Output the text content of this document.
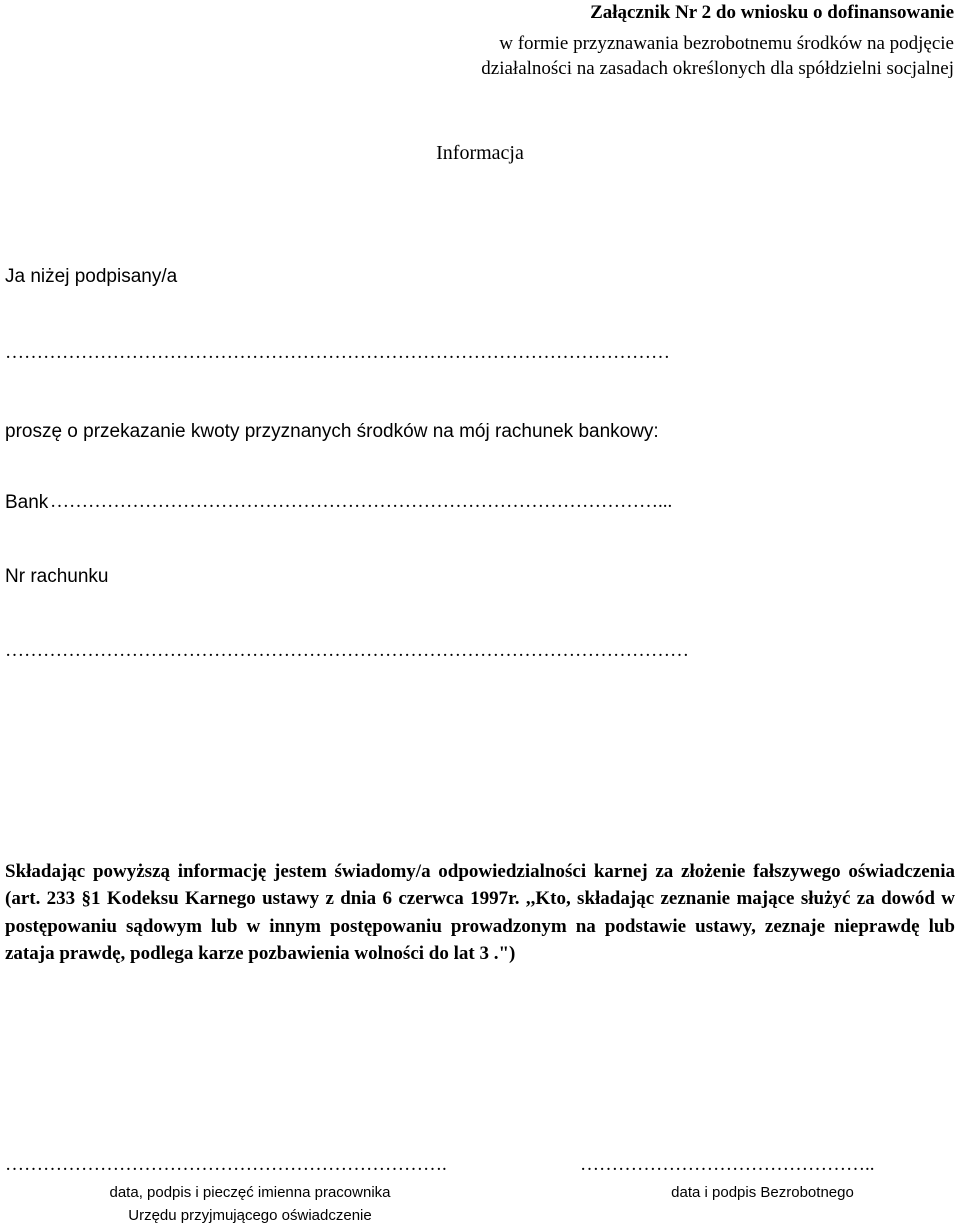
Załącznik Nr 2 do wniosku o dofinansowanie
w formie przyznawania bezrobotnemu środków na podjęcie
działalności na zasadach określonych dla spółdzielni socjalnej
Informacja
Ja niżej podpisany/a
……………………………………………………………………………………………
proszę o przekazanie kwoty przyznanych środków na mój rachunek bankowy:
Bank ……………………………………………………………………………………...
Nr rachunku
………………………………………………………………………………………………
Składając powyższą informację jestem świadomy/a odpowiedzialności karnej za złożenie fałszywego oświadczenia (art. 233 §1 Kodeksu Karnego ustawy z dnia 6 czerwca 1997r. ,,Kto, składając zeznanie mające służyć za dowód w postępowaniu sądowym lub w innym postępowaniu prowadzonym na podstawie ustawy, zeznaje nieprawdę lub zataja prawdę, podlega karze pozbawienia wolności do lat 3 .")
…………………………………………………………….
data, podpis i pieczęć imienna pracownika
Urzędu przyjmującego oświadczenie
………………………………………..
data i podpis Bezrobotnego
